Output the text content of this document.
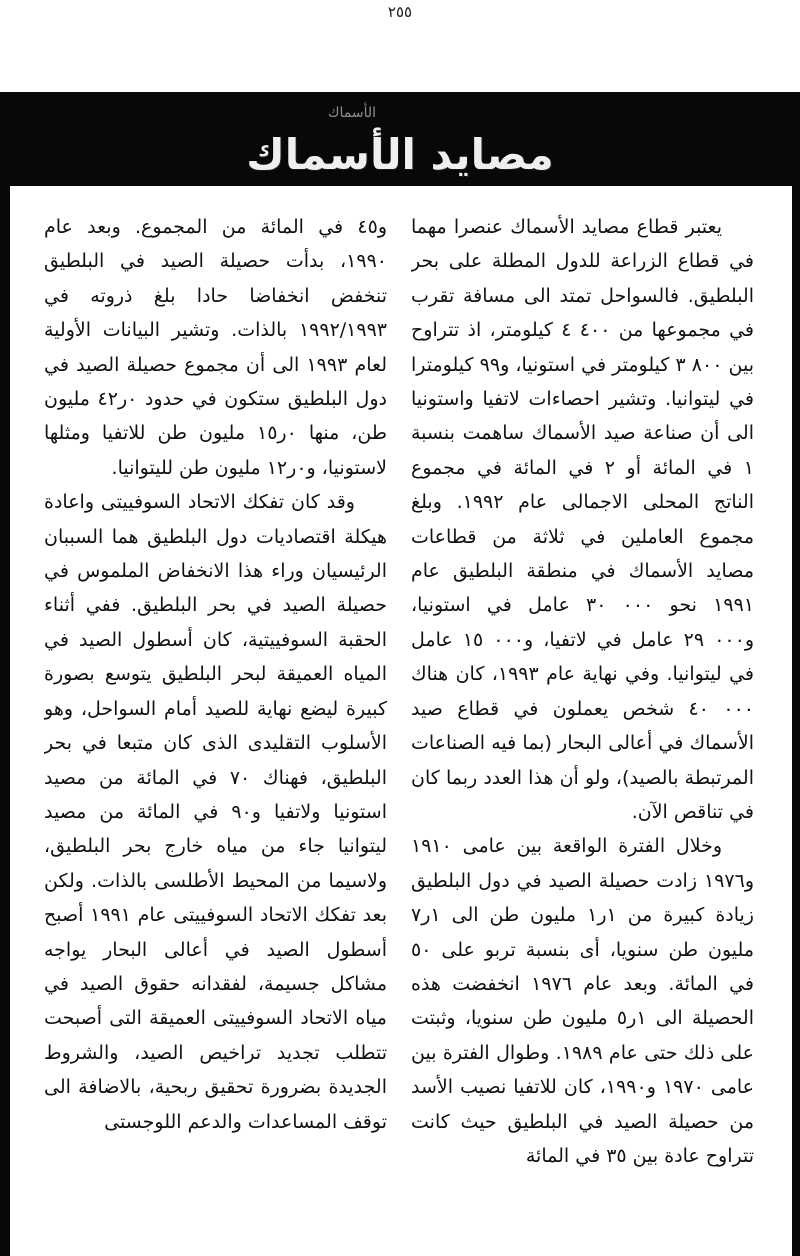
٢٥٥
الأسماك
مصايد الأسماك

يعتبر قطاع مصايد الأسماك عنصرا مهما في قطاع الزراعة للدول المطلة على بحر البلطيق. فالسواحل تمتد الى مسافة تقرب في مجموعها من ٤ ٤٠٠ كيلومتر، اذ تتراوح بين ٣ ٨٠٠ كيلومتر في استونيا، و٩٩ كيلومترا في ليتوانيا. وتشير احصاءات لاتفيا واستونيا الى أن صناعة صيد الأسماك ساهمت بنسبة ١ في المائة أو ٢ في المائة في مجموع الناتج المحلى الاجمالى عام ١٩٩٢. وبلغ مجموع العاملين في ثلاثة من قطاعات مصايد الأسماك في منطقة البلطيق عام ١٩٩١ نحو ٣٠ ٠٠٠ عامل في استونيا، و٢٩ ٠٠٠ عامل في لاتفيا، و١٥ ٠٠٠ عامل في ليتوانيا. وفي نهاية عام ١٩٩٣، كان هناك ٤٠ ٠٠٠ شخص يعملون في قطاع صيد الأسماك في أعالى البحار (بما فيه الصناعات المرتبطة بالصيد)، ولو أن هذا العدد ربما كان في تناقص الآن.

وخلال الفترة الواقعة بين عامى ١٩١٠ و١٩٧٦ زادت حصيلة الصيد في دول البلطيق زيادة كبيرة من ١ر١ مليون طن الى ١ر٧ مليون طن سنويا، أى بنسبة تربو على ٥٠ في المائة. وبعد عام ١٩٧٦ انخفضت هذه الحصيلة الى ١ر٥ مليون طن سنويا، وثبتت على ذلك حتى عام ١٩٨٩. وطوال الفترة بين عامى ١٩٧٠ و١٩٩٠، كان للاتفيا نصيب الأسد من حصيلة الصيد في البلطيق حيث كانت تتراوح عادة بين ٣٥ في المائة

و٤٥ في المائة من المجموع. وبعد عام ١٩٩٠، بدأت حصيلة الصيد في البلطيق تنخفض انخفاضا حادا بلغ ذروته في ١٩٩٢/١٩٩٣ بالذات. وتشير البيانات الأولية لعام ١٩٩٣ الى أن مجموع حصيلة الصيد في دول البلطيق ستكون في حدود ٠ر٤٢ مليون طن، منها ٠ر١٥ مليون طن للاتفيا ومثلها لاستونيا، و٠ر١٢ مليون طن لليتوانيا.

وقد كان تفكك الاتحاد السوفييتى واعادة هيكلة اقتصاديات دول البلطيق هما السببان الرئيسيان وراء هذا الانخفاض الملموس في حصيلة الصيد في بحر البلطيق. ففي أثناء الحقبة السوفييتية، كان أسطول الصيد في المياه العميقة لبحر البلطيق يتوسع بصورة كبيرة ليضع نهاية للصيد أمام السواحل، وهو الأسلوب التقليدى الذى كان متبعا في بحر البلطيق، فهناك ٧٠ في المائة من مصيد استونيا ولاتفيا و٩٠ في المائة من مصيد ليتوانيا جاء من مياه خارج بحر البلطيق، ولاسيما من المحيط الأطلسى بالذات. ولكن بعد تفكك الاتحاد السوفييتى عام ١٩٩١ أصبح أسطول الصيد في أعالى البحار يواجه مشاكل جسيمة، لفقدانه حقوق الصيد في مياه الاتحاد السوفييتى العميقة التى أصبحت تتطلب تجديد تراخيص الصيد، والشروط الجديدة بضرورة تحقيق ربحية، بالاضافة الى توقف المساعدات والدعم اللوجستى
